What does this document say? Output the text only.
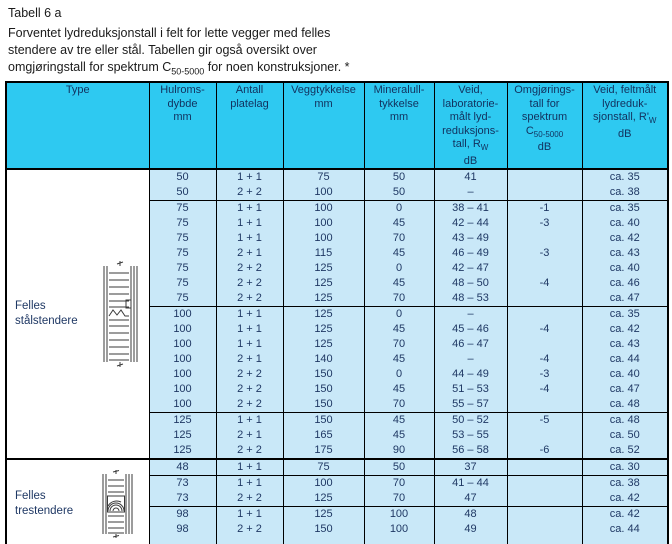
Tabell 6 a
Forventet lydreduksjonstall i felt for lette vegger med felles
stendere av tre eller stål. Tabellen gir også oversikt over
omgjøringstall for spektrum $C_{50-5000}$ for noen konstruksjoner. *
Type	Hulroms-
dybde
mm

Antall
platelag

Veggtykkelse
mm

Mineralull-
tykkelse
mm

Veid,
laboratorie-
målt lyd-
reduksjons-
tall, $R_W$
dB

Omgjørings-
tall for
spektrum
$C_{50-5000}$
dB

Veid, feltmålt
lydreduk-
sjonstall, $R'_W$
dB

Felles
stålstendere	50	1 + 1	75	50	41		ca. 35
	50	2 + 2	100	50	–		ca. 38
	75	1 + 1	100	0	38 – 41	-1	ca. 35
	75	1 + 1	100	45	42 – 44	-3	ca. 40
	75	1 + 1	100	70	43 – 49		ca. 42
	75	2 + 1	115	45	46 – 49	-3	ca. 43
	75	2 + 2	125	0	42 – 47		ca. 40
	75	2 + 2	125	45	48 – 50	-4	ca. 46
	75	2 + 2	125	70	48 – 53		ca. 47
	100	1 + 1	125	0	–		ca. 35
	100	1 + 1	125	45	45 – 46	-4	ca. 42
	100	1 + 1	125	70	46 – 47		ca. 43
	100	2 + 1	140	45	–	-4	ca. 44
	100	2 + 2	150	0	44 – 49	-3	ca. 40
	100	2 + 2	150	45	51 – 53	-4	ca. 47
	100	2 + 2	150	70	55 – 57		ca. 48
	125	1 + 1	150	45	50 – 52	-5	ca. 48
	125	2 + 1	165	45	53 – 55		ca. 50
	125	2 + 2	175	90	56 – 58	-6	ca. 52

Felles
trestendere	48	1 + 1	75	50	37		ca. 30
	73	1 + 1	100	70	41 – 44		ca. 38
	73	2 + 2	125	70	47		ca. 42
	98	1 + 1	125	100	48		ca. 42
	98	2 + 2	150	100	49		ca. 44
